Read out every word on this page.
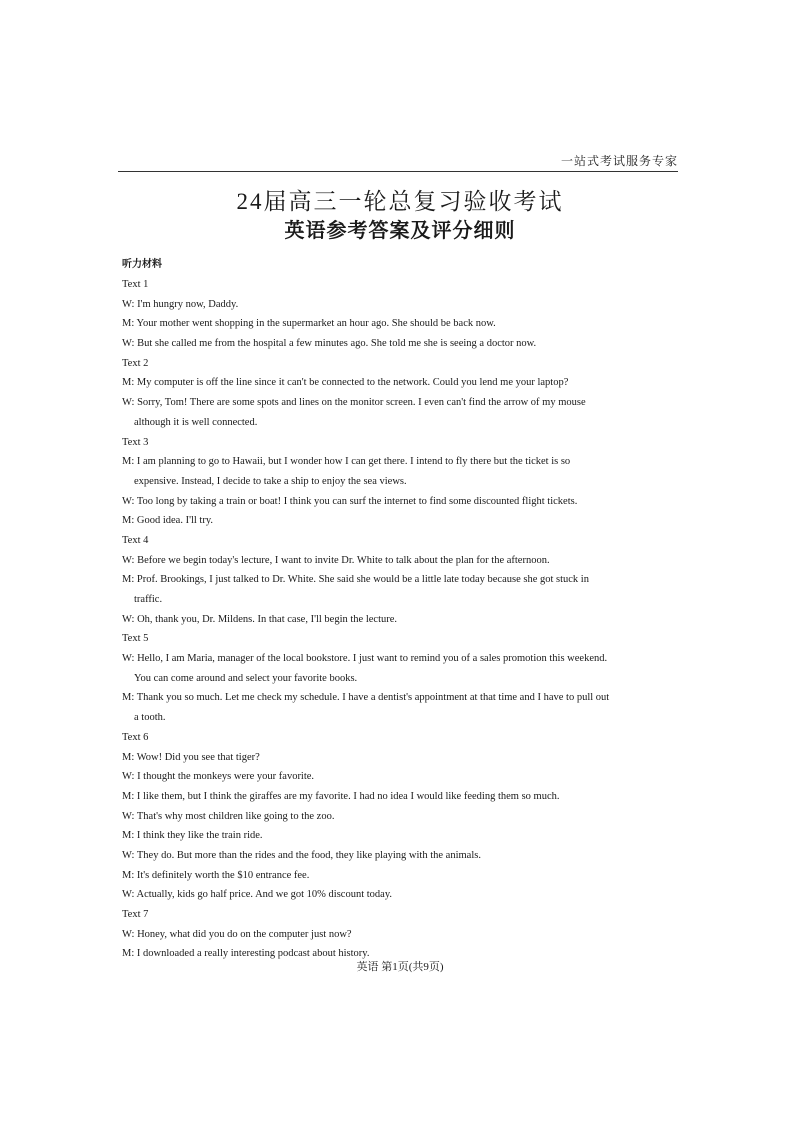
一站式考试服务专家
24届高三一轮总复习验收考试
英语参考答案及评分细则
听力材料
Text 1
W: I'm hungry now, Daddy.
M: Your mother went shopping in the supermarket an hour ago. She should be back now.
W: But she called me from the hospital a few minutes ago. She told me she is seeing a doctor now.
Text 2
M: My computer is off the line since it can't be connected to the network. Could you lend me your laptop?
W: Sorry, Tom! There are some spots and lines on the monitor screen. I even can't find the arrow of my mouse
although it is well connected.
Text 3
M: I am planning to go to Hawaii, but I wonder how I can get there. I intend to fly there but the ticket is so
expensive. Instead, I decide to take a ship to enjoy the sea views.
W: Too long by taking a train or boat! I think you can surf the internet to find some discounted flight tickets.
M: Good idea. I'll try.
Text 4
W: Before we begin today's lecture, I want to invite Dr. White to talk about the plan for the afternoon.
M: Prof. Brookings, I just talked to Dr. White. She said she would be a little late today because she got stuck in
traffic.
W: Oh, thank you, Dr. Mildens. In that case, I'll begin the lecture.
Text 5
W: Hello, I am Maria, manager of the local bookstore. I just want to remind you of a sales promotion this weekend.
You can come around and select your favorite books.
M: Thank you so much. Let me check my schedule. I have a dentist's appointment at that time and I have to pull out
a tooth.
Text 6
M: Wow! Did you see that tiger?
W: I thought the monkeys were your favorite.
M: I like them, but I think the giraffes are my favorite. I had no idea I would like feeding them so much.
W: That's why most children like going to the zoo.
M: I think they like the train ride.
W: They do. But more than the rides and the food, they like playing with the animals.
M: It's definitely worth the $10 entrance fee.
W: Actually, kids go half price. And we got 10% discount today.
Text 7
W: Honey, what did you do on the computer just now?
M: I downloaded a really interesting podcast about history.
英语 第1页(共9页)
